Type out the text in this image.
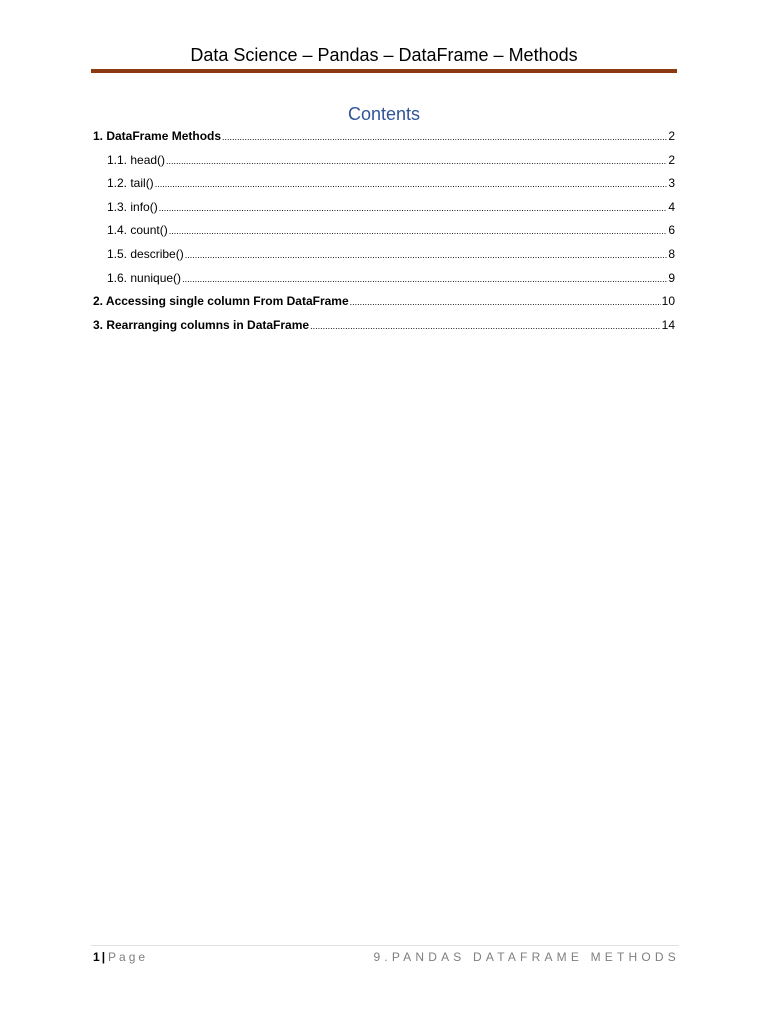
Data Science – Pandas – DataFrame – Methods
Contents
1. DataFrame Methods .....	2
1.1. head() .....	2
1.2. tail() .....	3
1.3. info() .....	4
1.4. count() .....	6
1.5. describe() .....	8
1.6. nunique() .....	9
2. Accessing single column From DataFrame .....	10
3. Rearranging columns in DataFrame .....	14
1 | Page	9.PANDAS DATAFRAME METHODS
